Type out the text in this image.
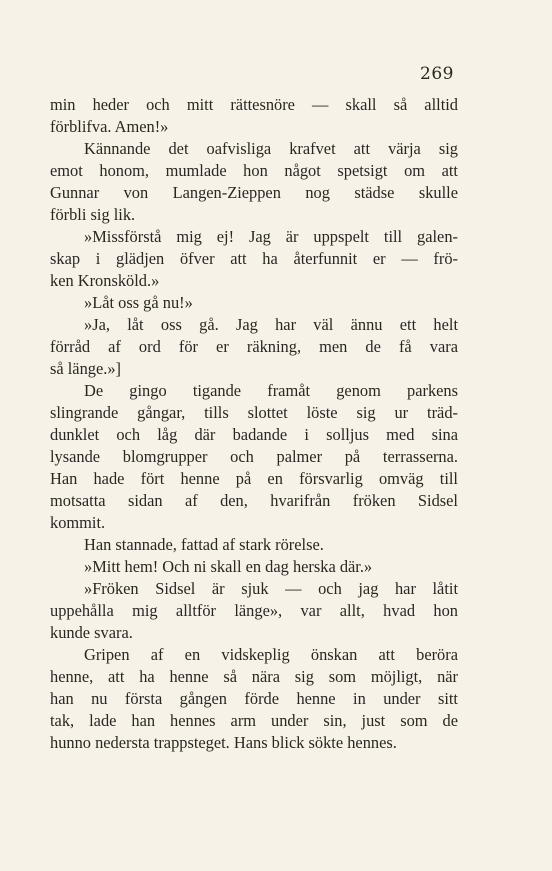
269
min heder och mitt rättesnöre — skall så alltid
förblifva. Amen!»
Kännande det oafvisliga krafvet att värja sig
emot honom, mumlade hon något spetsigt om att
Gunnar von Langen-Zieppen nog städse skulle
förbli sig lik.
»Missförstå mig ej! Jag är uppspelt till galen-
skap i glädjen öfver att ha återfunnit er — frö-
ken Kronsköld.»
»Låt oss gå nu!»
»Ja, låt oss gå. Jag har väl ännu ett helt
förråd af ord för er räkning, men de få vara
så länge.»]
De gingo tigande framåt genom parkens
slingrande gångar, tills slottet löste sig ur träd-
dunklet och låg där badande i solljus med sina
lysande blomgrupper och palmer på terrasserna.
Han hade fört henne på en försvarlig omväg till
motsatta sidan af den, hvarifrån fröken Sidsel
kommit.
Han stannade, fattad af stark rörelse.
»Mitt hem! Och ni skall en dag herska där.»
»Fröken Sidsel är sjuk — och jag har låtit
uppehålla mig alltför länge», var allt, hvad hon
kunde svara.
Gripen af en vidskeplig önskan att beröra
henne, att ha henne så nära sig som möjligt, när
han nu första gången förde henne in under sitt
tak, lade han hennes arm under sin, just som de
hunno nedersta trappsteget. Hans blick sökte hennes.
